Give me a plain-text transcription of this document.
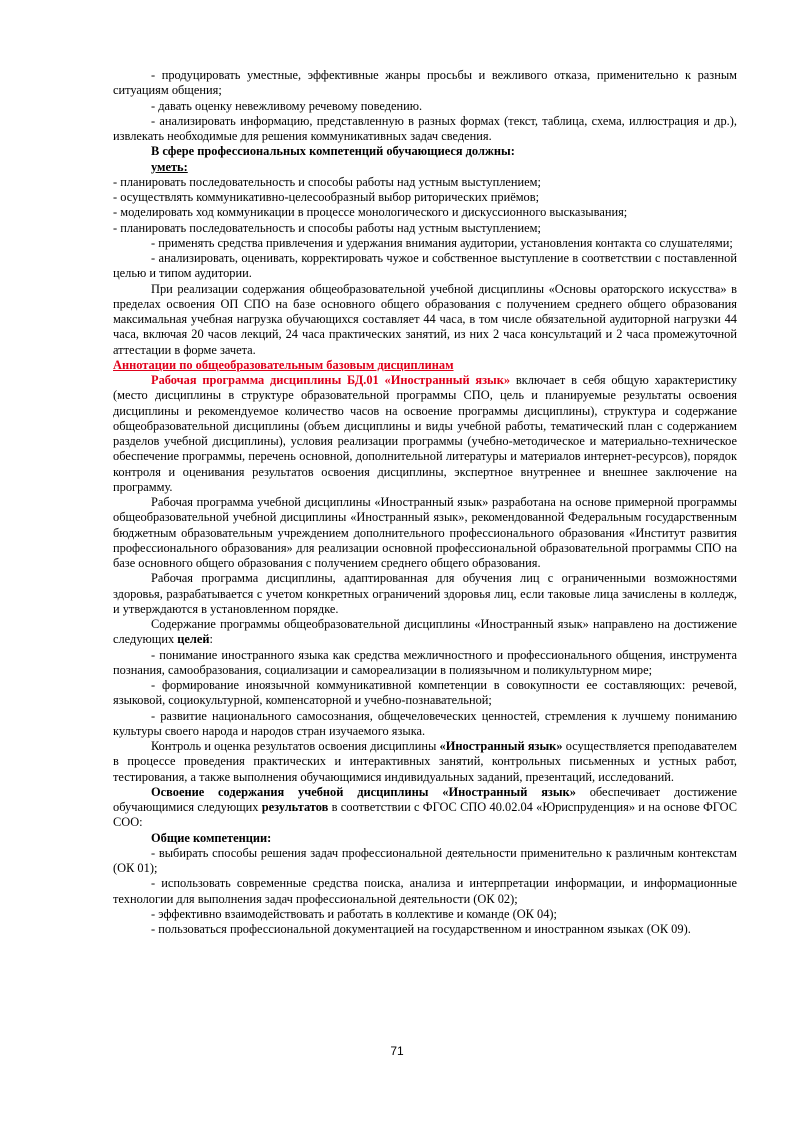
- продуцировать уместные, эффективные жанры просьбы и вежливого отказа, применительно к разным ситуациям общения;

- давать оценку невежливому речевому поведению.

- анализировать информацию, представленную в разных формах (текст, таблица, схема, иллюстрация и др.), извлекать необходимые для решения коммуникативных задач сведения.

В сфере профессиональных компетенций обучающиеся должны:

уметь:

- планировать последовательность и способы работы над устным выступлением;

- осуществлять коммуникативно-целесообразный выбор риторических приёмов;

- моделировать ход коммуникации в процессе монологического и дискуссионного высказывания;

- планировать последовательность и способы работы над устным выступлением;

- применять средства привлечения и удержания внимания аудитории, установления контакта со слушателями;

- анализировать, оценивать, корректировать чужое и собственное выступление в соответствии с поставленной целью и типом аудитории.

При реализации содержания общеобразовательной учебной дисциплины «Основы ораторского искусства» в пределах освоения ОП СПО на базе основного общего образования с получением среднего общего образования максимальная учебная нагрузка обучающихся составляет 44 часа, в том числе обязательной аудиторной нагрузки 44 часа, включая 20 часов лекций, 24 часа практических занятий, из них 2 часа консультаций и 2 часа промежуточной аттестации в форме зачета.

Аннотации по общеобразовательным базовым дисциплинам

Рабочая программа дисциплины БД.01 «Иностранный язык» включает в себя общую характеристику (место дисциплины в структуре образовательной программы СПО, цель и планируемые результаты освоения дисциплины и рекомендуемое количество часов на освоение программы дисциплины), структура и содержание общеобразовательной дисциплины (объем дисциплины и виды учебной работы, тематический план с содержанием разделов учебной дисциплины), условия реализации программы (учебно-методическое и материально-техническое обеспечение программы, перечень основной, дополнительной литературы и материалов интернет-ресурсов), порядок контроля и оценивания результатов освоения дисциплины, экспертное внутреннее и внешнее заключение на программу.

Рабочая программа учебной дисциплины «Иностранный язык» разработана на основе примерной программы общеобразовательной учебной дисциплины «Иностранный язык», рекомендованной Федеральным государственным бюджетным образовательным учреждением дополнительного профессионального образования «Институт развития профессионального образования» для реализации основной профессиональной образовательной программы СПО на базе основного общего образования с получением среднего общего образования.

Рабочая программа дисциплины, адаптированная для обучения лиц с ограниченными возможностями здоровья, разрабатывается с учетом конкретных ограничений здоровья лиц, если таковые лица зачислены в колледж, и утверждаются в установленном порядке.

Содержание программы общеобразовательной дисциплины «Иностранный язык» направлено на достижение следующих целей:

- понимание иностранного языка как средства межличностного и профессионального общения, инструмента познания, самообразования, социализации и самореализации в полиязычном и поликультурном мире;

- формирование иноязычной коммуникативной компетенции в совокупности ее составляющих: речевой, языковой, социокультурной, компенсаторной и учебно-познавательной;

- развитие национального самосознания, общечеловеческих ценностей, стремления к лучшему пониманию культуры своего народа и народов стран изучаемого языка.

Контроль и оценка результатов освоения дисциплины «Иностранный язык» осуществляется преподавателем в процессе проведения практических и интерактивных занятий, контрольных письменных и устных работ, тестирования, а также выполнения обучающимися индивидуальных заданий, презентаций, исследований.

Освоение содержания учебной дисциплины «Иностранный язык» обеспечивает достижение обучающимися следующих результатов в соответствии с ФГОС СПО 40.02.04 «Юриспруденция» и на основе ФГОС СОО:

Общие компетенции:

- выбирать способы решения задач профессиональной деятельности применительно к различным контекстам (ОК 01);

- использовать современные средства поиска, анализа и интерпретации информации, и информационные технологии для выполнения задач профессиональной деятельности (ОК 02);

- эффективно взаимодействовать и работать в коллективе и команде (ОК 04);

- пользоваться профессиональной документацией на государственном и иностранном языках (ОК 09).

71
